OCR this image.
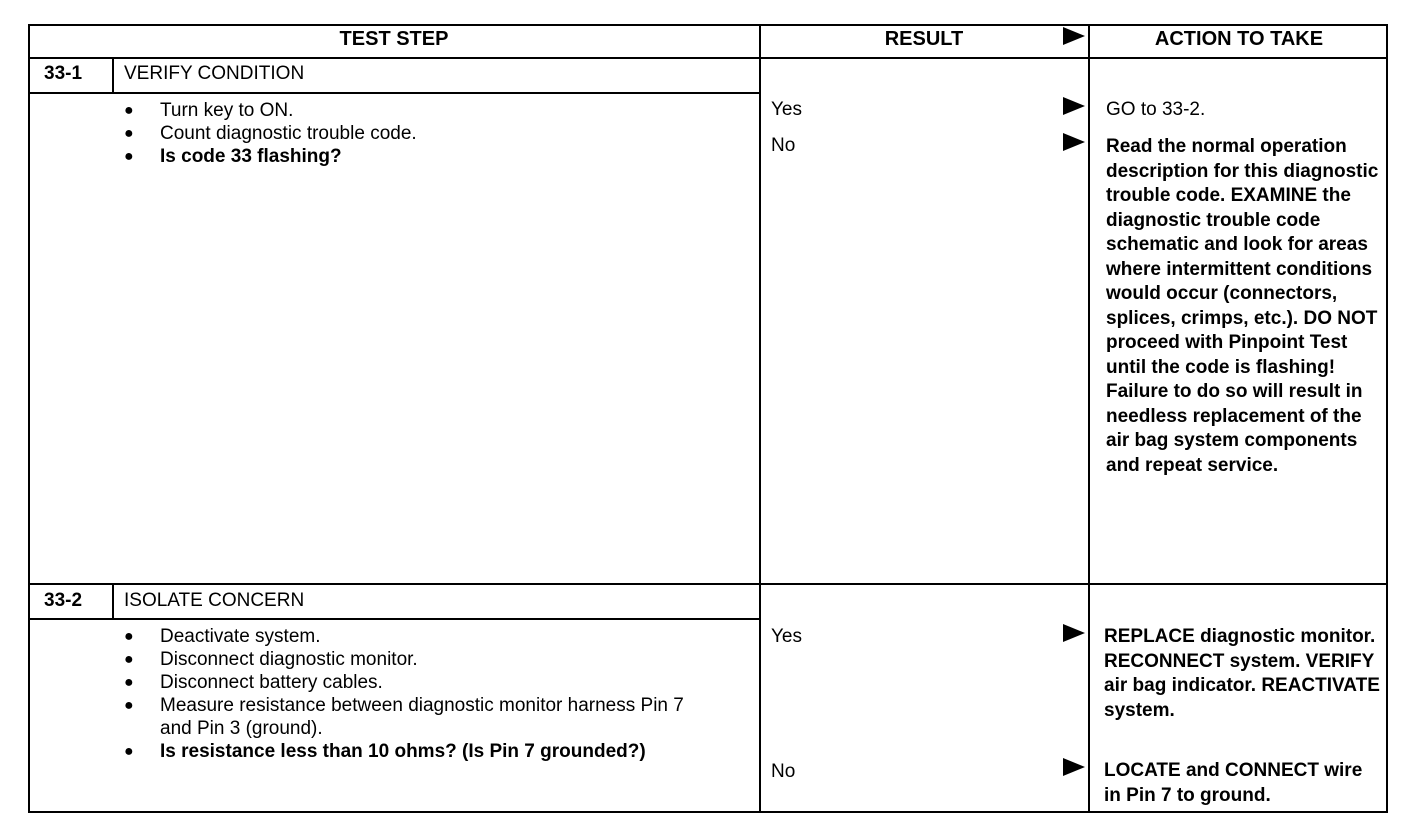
TEST STEP	RESULT	ACTION TO TAKE
33-1 VERIFY CONDITION
● Turn key to ON.
● Count diagnostic trouble code.
● Is code 33 flashing?
Yes	GO to 33-2.
No	Read the normal operation description for this diagnostic trouble code. EXAMINE the diagnostic trouble code schematic and look for areas where intermittent conditions would occur (connectors, splices, crimps, etc.). DO NOT proceed with Pinpoint Test until the code is flashing! Failure to do so will result in needless replacement of the air bag system components and repeat service.
33-2 ISOLATE CONCERN
● Deactivate system.
● Disconnect diagnostic monitor.
● Disconnect battery cables.
● Measure resistance between diagnostic monitor harness Pin 7 and Pin 3 (ground).
● Is resistance less than 10 ohms? (Is Pin 7 grounded?)
Yes	REPLACE diagnostic monitor. RECONNECT system. VERIFY air bag indicator. REACTIVATE system.
No	LOCATE and CONNECT wire in Pin 7 to ground.
